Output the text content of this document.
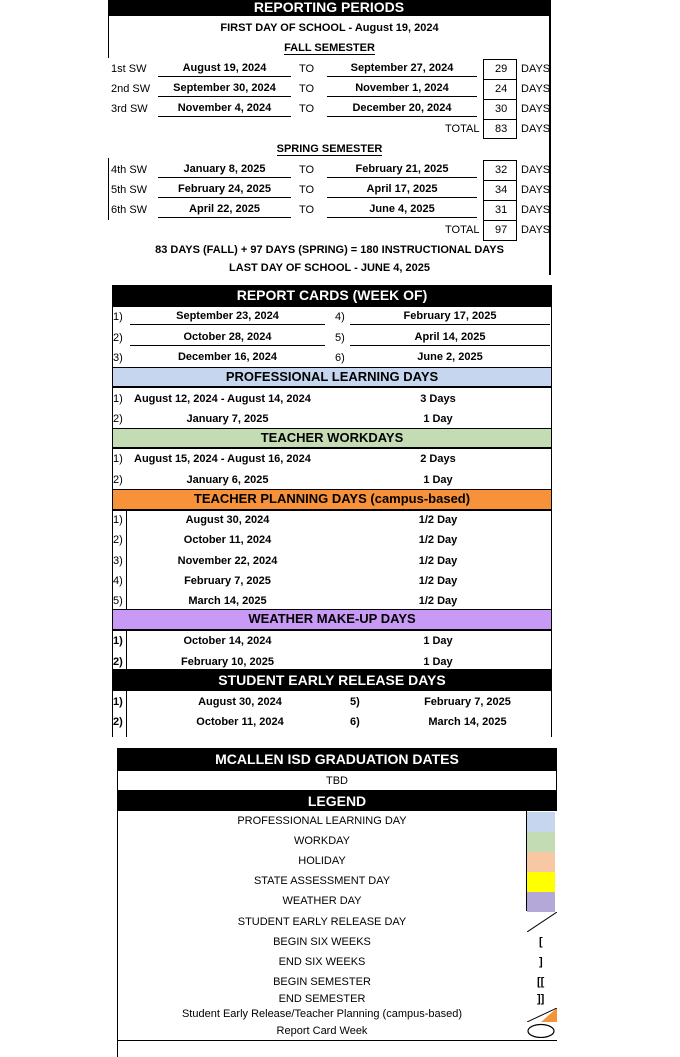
REPORTING PERIODS
FIRST DAY OF SCHOOL - August 19, 2024
FALL SEMESTER
1st SW	August 19, 2024	TO	September 27, 2024	29 DAYS
2nd SW	September 30, 2024	TO	November 1, 2024	24 DAYS
3rd SW	November 4, 2024	TO	December 20, 2024	30 DAYS
TOTAL 83 DAYS
SPRING SEMESTER
4th SW	January 8, 2025	TO	February 21, 2025	32 DAYS
5th SW	February 24, 2025	TO	April 17, 2025	34 DAYS
6th SW	April 22, 2025	TO	June 4, 2025	31 DAYS
TOTAL 97 DAYS
83 DAYS (FALL) + 97 DAYS (SPRING) = 180 INSTRUCTIONAL DAYS
LAST DAY OF SCHOOL - JUNE 4, 2025
REPORT CARDS (WEEK OF)
1)	September 23, 2024	4)	February 17, 2025
2)	October 28, 2024	5)	April 14, 2025
3)	December 16, 2024	6)	June 2, 2025
PROFESSIONAL LEARNING DAYS
1) August 12, 2024 - August 14, 2024	3 Days
2)	January 7, 2025	1 Day
TEACHER WORKDAYS
1) August 15, 2024 - August 16, 2024	2 Days
2)	January 6, 2025	1 Day
TEACHER PLANNING DAYS (campus-based)
1)	August 30, 2024	1/2 Day
2)	October 11, 2024	1/2 Day
3)	November 22, 2024	1/2 Day
4)	February 7, 2025	1/2 Day
5)	March 14, 2025	1/2 Day
WEATHER MAKE-UP DAYS
1)	October 14, 2024	1 Day
2)	February 10, 2025	1 Day
STUDENT EARLY RELEASE DAYS
1)	August 30, 2024	5)	February 7, 2025
2)	October 11, 2024	6)	March 14, 2025
MCALLEN ISD GRADUATION DATES
TBD
LEGEND
PROFESSIONAL LEARNING DAY
WORKDAY
HOLIDAY
STATE ASSESSMENT DAY
WEATHER DAY
STUDENT EARLY RELEASE DAY
BEGIN SIX WEEKS	[
END SIX WEEKS	]
BEGIN SEMESTER	[[
END SEMESTER	]]
Student Early Release/Teacher Planning (campus-based)
Report Card Week
